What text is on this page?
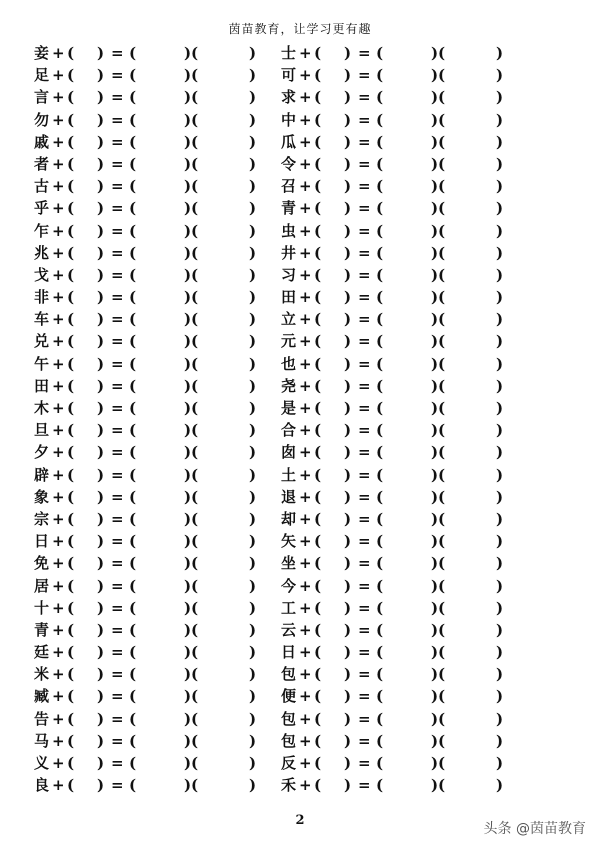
茵苗教育，让学习更有趣
妾 + ( ) = (	) (	)
足 + ( ) = (	) (	)
言 + ( ) = (	) (	)
勿 + ( ) = (	) (	)
戚 + ( ) = (	) (	)
者 + ( ) = (	) (	)
古 + ( ) = (	) (	)
乎 + ( ) = (	) (	)
乍 + ( ) = (	) (	)
兆 + ( ) = (	) (	)
戈 + ( ) = (	) (	)
非 + ( ) = (	) (	)
车 + ( ) = (	) (	)
兑 + ( ) = (	) (	)
午 + ( ) = (	) (	)
田 + ( ) = (	) (	)
木 + ( ) = (	) (	)
旦 + ( ) = (	) (	)
夕 + ( ) = (	) (	)
辟 + ( ) = (	) (	)
象 + ( ) = (	) (	)
宗 + ( ) = (	) (	)
日 + ( ) = (	) (	)
免 + ( ) = (	) (	)
居 + ( ) = (	) (	)
十 + ( ) = (	) (	)
青 + ( ) = (	) (	)
廷 + ( ) = (	) (	)
米 + ( ) = (	) (	)
臧 + ( ) = (	) (	)
告 + ( ) = (	) (	)
马 + ( ) = (	) (	)
义 + ( ) = (	) (	)
良 + ( ) = (	) (	)
士 + ( ) = (	) (	)
可 + ( ) = (	) (	)
求 + ( ) = (	) (	)
中 + ( ) = (	) (	)
瓜 + ( ) = (	) (	)
令 + ( ) = (	) (	)
召 + ( ) = (	) (	)
青 + ( ) = (	) (	)
虫 + ( ) = (	) (	)
井 + ( ) = (	) (	)
习 + ( ) = (	) (	)
田 + ( ) = (	) (	)
立 + ( ) = (	) (	)
元 + ( ) = (	) (	)
也 + ( ) = (	) (	)
尧 + ( ) = (	) (	)
是 + ( ) = (	) (	)
合 + ( ) = (	) (	)
囱 + ( ) = (	) (	)
土 + ( ) = (	) (	)
退 + ( ) = (	) (	)
却 + ( ) = (	) (	)
矢 + ( ) = (	) (	)
坐 + ( ) = (	) (	)
今 + ( ) = (	) (	)
工 + ( ) = (	) (	)
云 + ( ) = (	) (	)
日 + ( ) = (	) (	)
包 + ( ) = (	) (	)
便 + ( ) = (	) (	)
包 + ( ) = (	) (	)
包 + ( ) = (	) (	)
反 + ( ) = (	) (	)
禾 + ( ) = (	) (	)
2
头条 @茵苗教育
